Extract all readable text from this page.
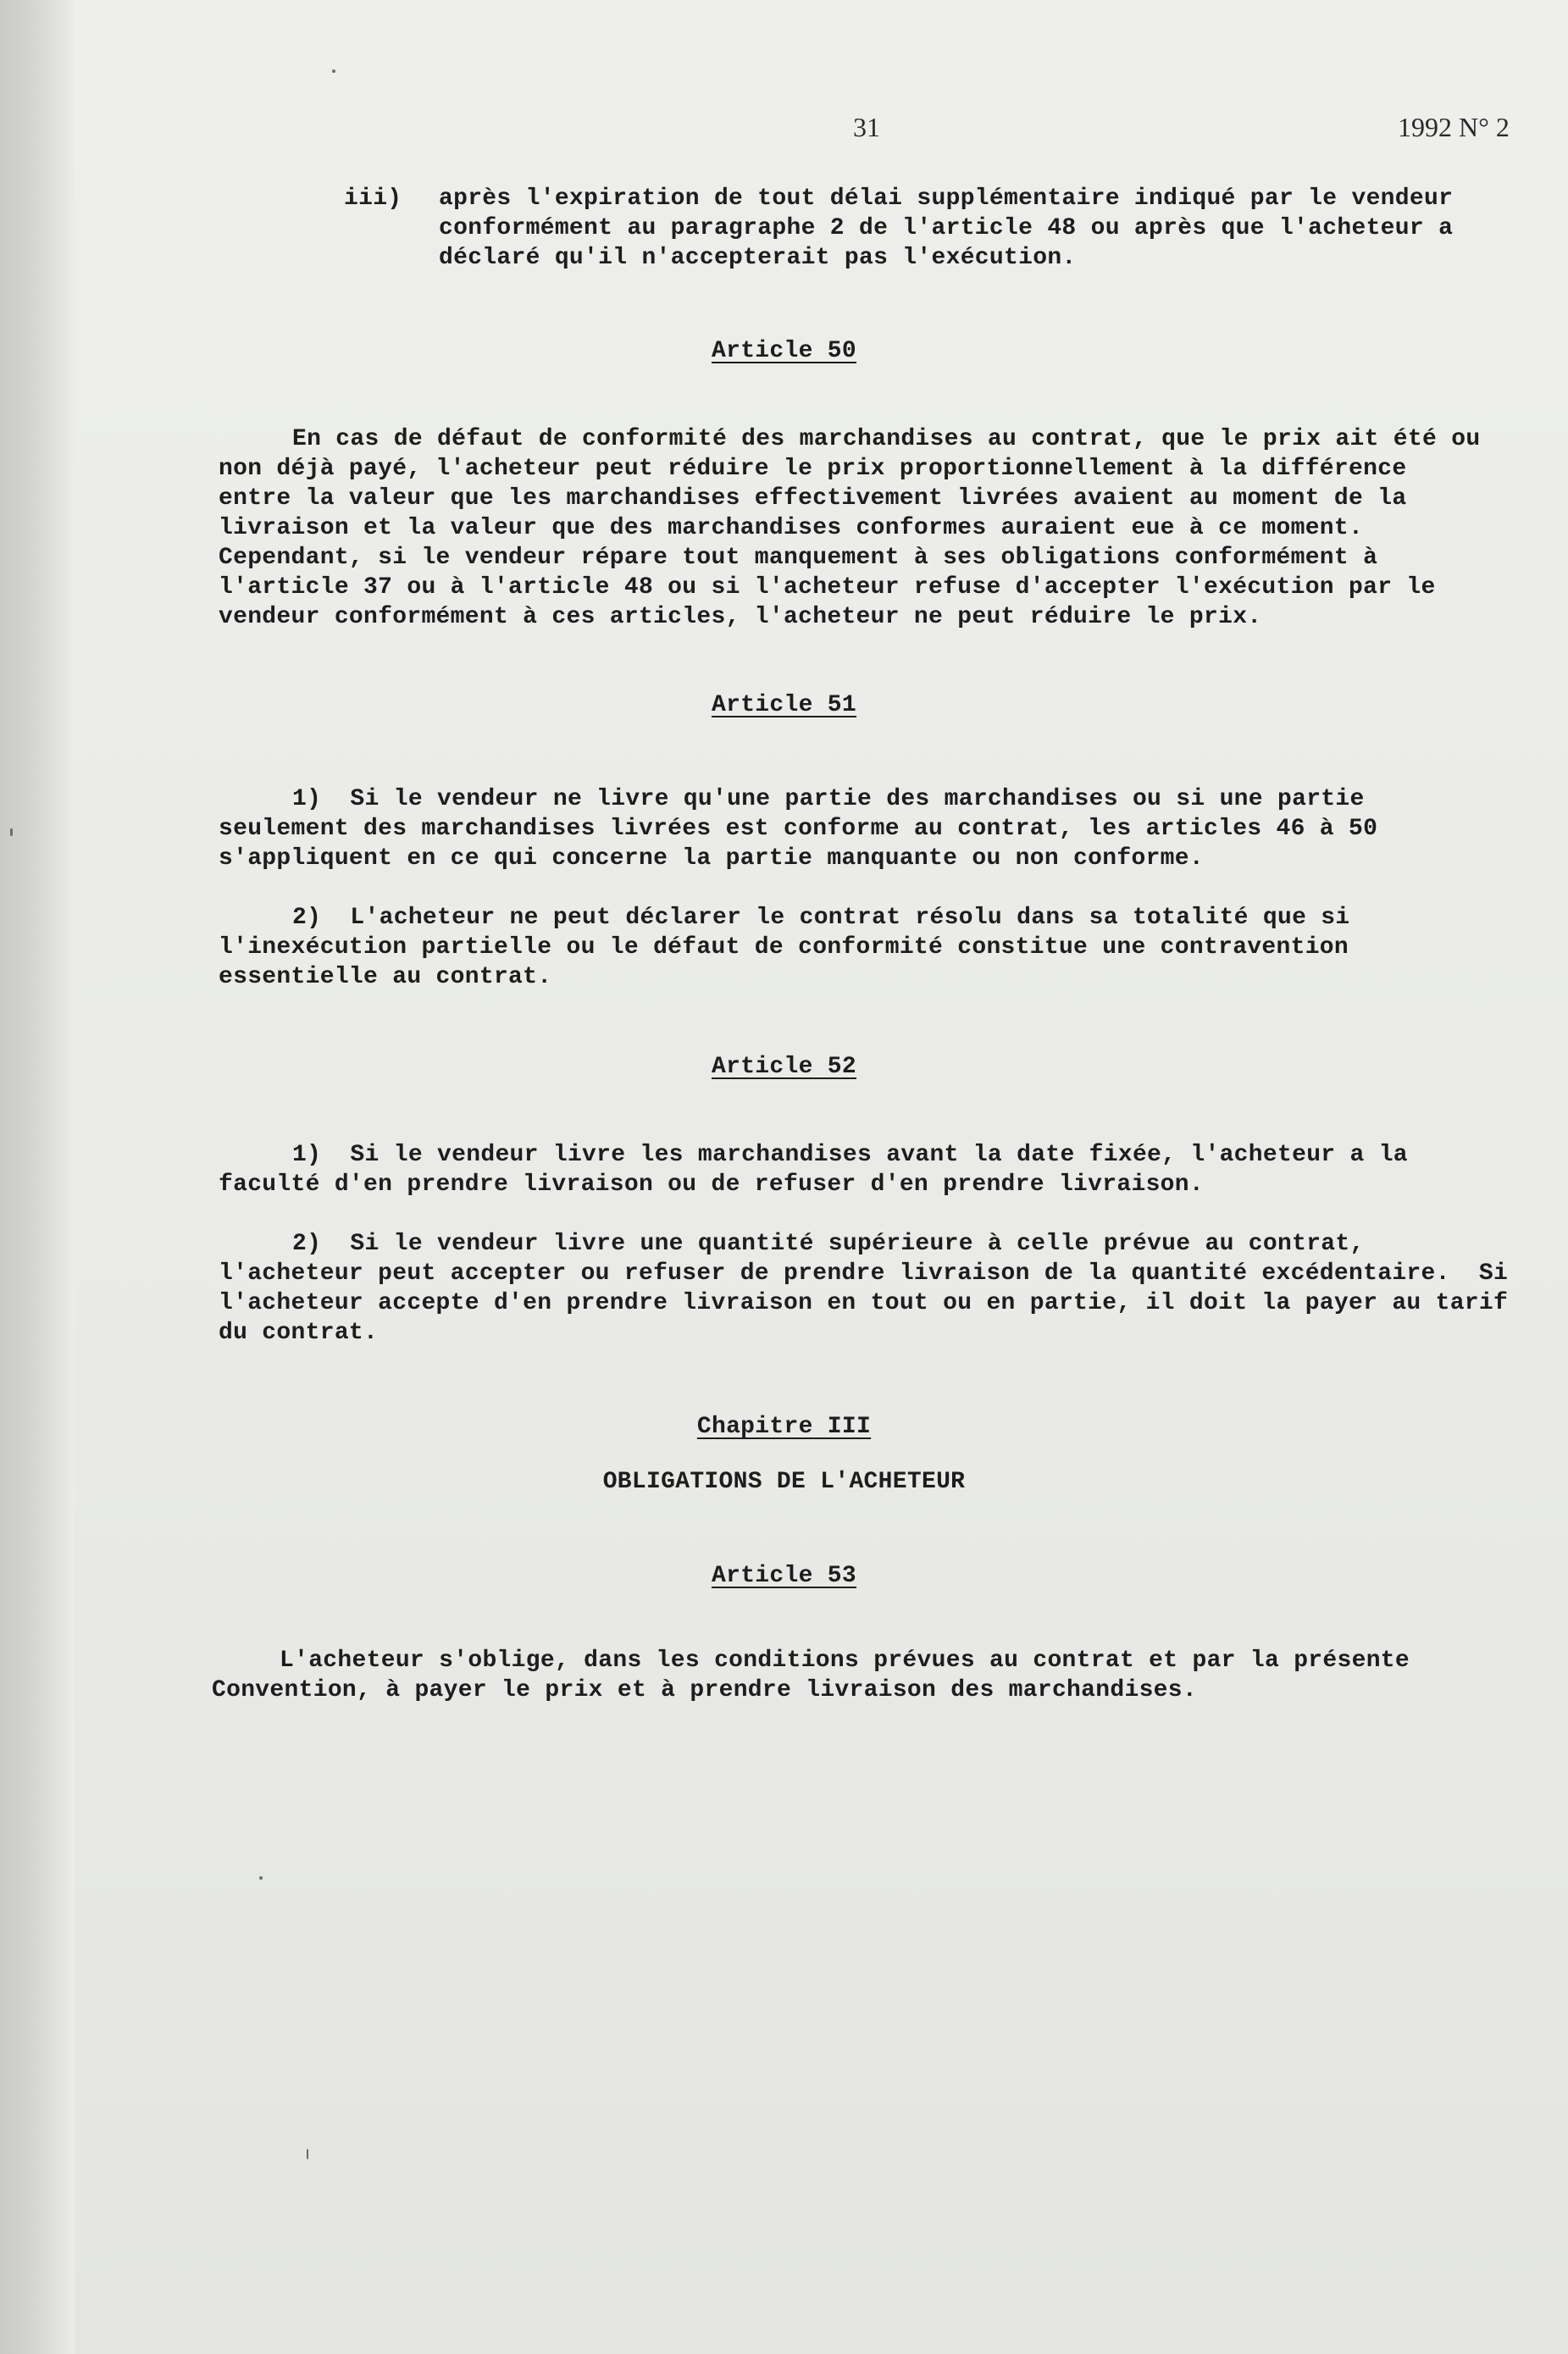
31	1992 N° 2
iii) après l'expiration de tout délai supplémentaire indiqué par le vendeur
conformément au paragraphe 2 de l'article 48 ou après que l'acheteur a
déclaré qu'il n'accepterait pas l'exécution.
Article 50
En cas de défaut de conformité des marchandises au contrat, que le prix ait été ou
non déjà payé, l'acheteur peut réduire le prix proportionnellement à la différence
entre la valeur que les marchandises effectivement livrées avaient au moment de la
livraison et la valeur que des marchandises conformes auraient eue à ce moment.
Cependant, si le vendeur répare tout manquement à ses obligations conformément à
l'article 37 ou à l'article 48 ou si l'acheteur refuse d'accepter l'exécution par le
vendeur conformément à ces articles, l'acheteur ne peut réduire le prix.
Article 51
1)  Si le vendeur ne livre qu'une partie des marchandises ou si une partie
seulement des marchandises livrées est conforme au contrat, les articles 46 à 50
s'appliquent en ce qui concerne la partie manquante ou non conforme.
2)  L'acheteur ne peut déclarer le contrat résolu dans sa totalité que si
l'inexécution partielle ou le défaut de conformité constitue une contravention
essentielle au contrat.
Article 52
1)  Si le vendeur livre les marchandises avant la date fixée, l'acheteur a la
faculté d'en prendre livraison ou de refuser d'en prendre livraison.
2)  Si le vendeur livre une quantité supérieure à celle prévue au contrat,
l'acheteur peut accepter ou refuser de prendre livraison de la quantité excédentaire.  Si
l'acheteur accepte d'en prendre livraison en tout ou en partie, il doit la payer au tarif
du contrat.
Chapitre III
OBLIGATIONS DE L'ACHETEUR
Article 53
L'acheteur s'oblige, dans les conditions prévues au contrat et par la présente
Convention, à payer le prix et à prendre livraison des marchandises.
